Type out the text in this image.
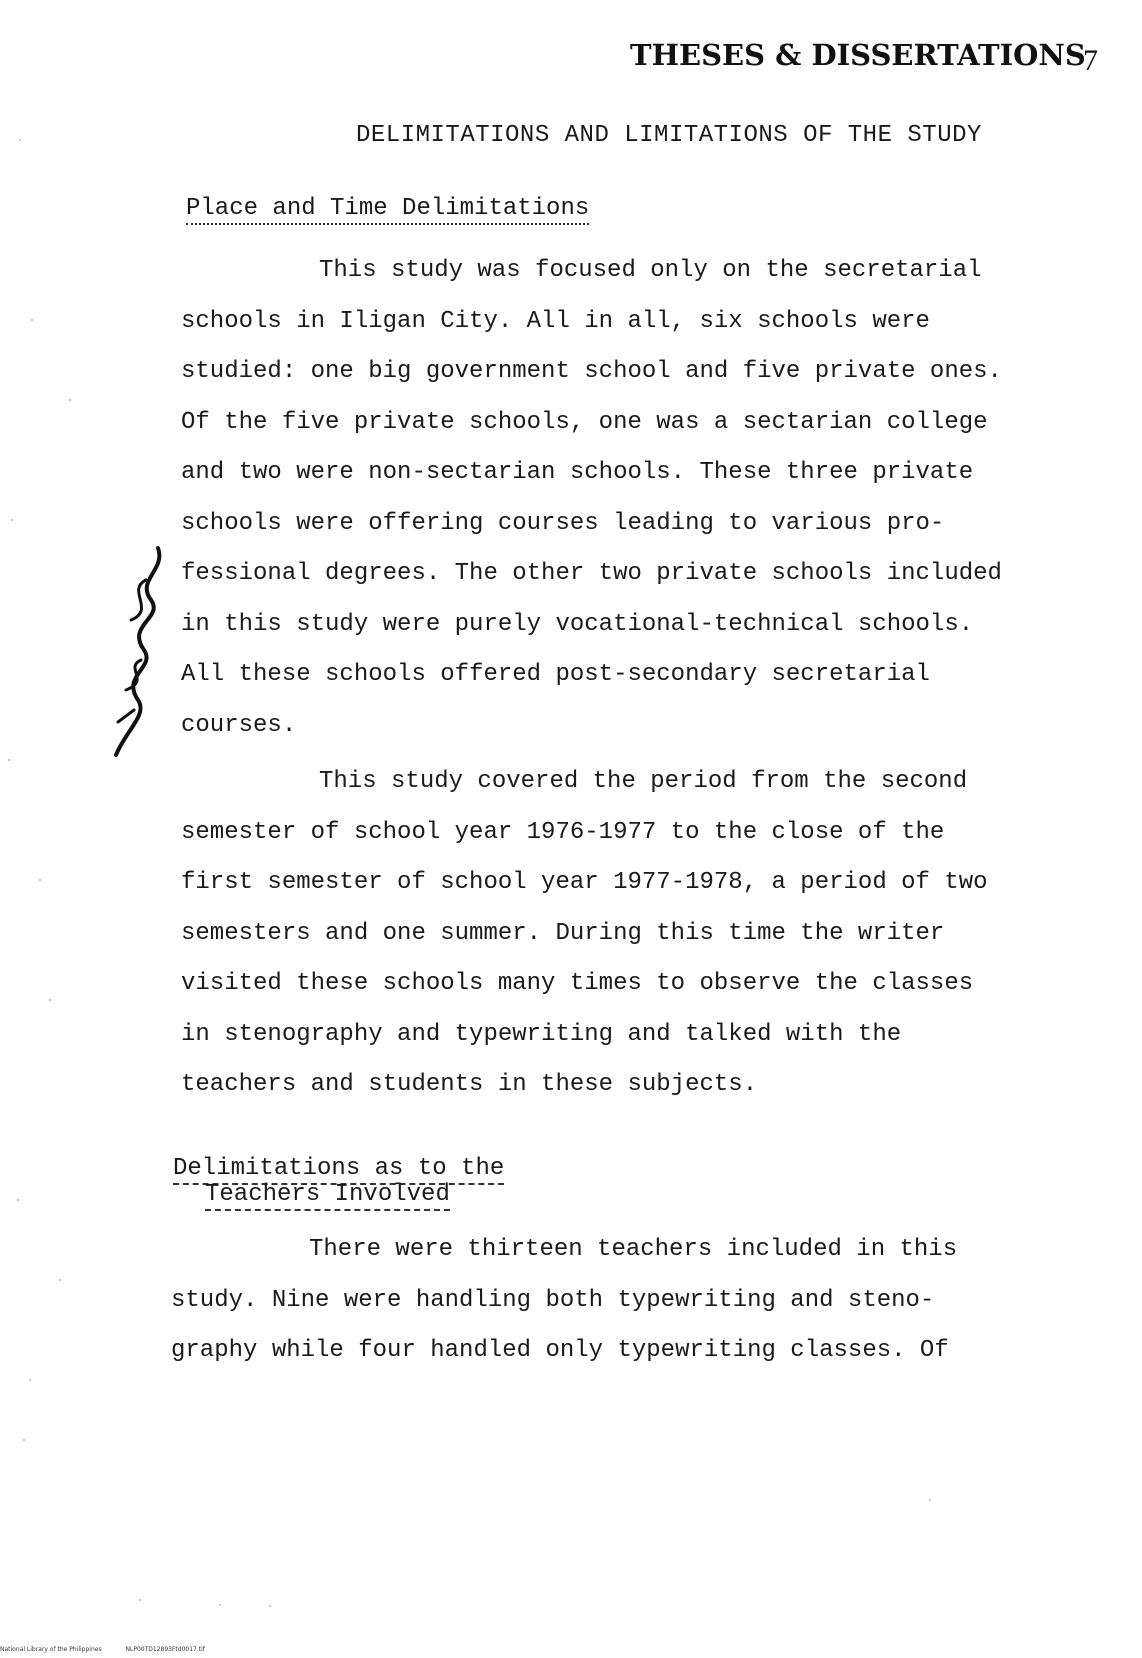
THESES & DISSERTATIONS
7
DELIMITATIONS AND LIMITATIONS OF THE STUDY
Place and Time Delimitations
This study was focused only on the secretarial
schools in Iligan City. All in all, six schools were
studied: one big government school and five private ones.
Of the five private schools, one was a sectarian college
and two were non-sectarian schools. These three private
schools were offering courses leading to various pro-
fessional degrees. The other two private schools included
in this study were purely vocational-technical schools.
All these schools offered post-secondary secretarial
courses.
This study covered the period from the second
semester of school year 1976-1977 to the close of the
first semester of school year 1977-1978, a period of two
semesters and one summer. During this time the writer
visited these schools many times to observe the classes
in stenography and typewriting and talked with the
teachers and students in these subjects.
Delimitations as to the
Teachers Involved
There were thirteen teachers included in this
study. Nine were handling both typewriting and steno-
graphy while four handled only typewriting classes. Of
National Library of the Philippines	NLP00TD12893Ftd0017.tif
